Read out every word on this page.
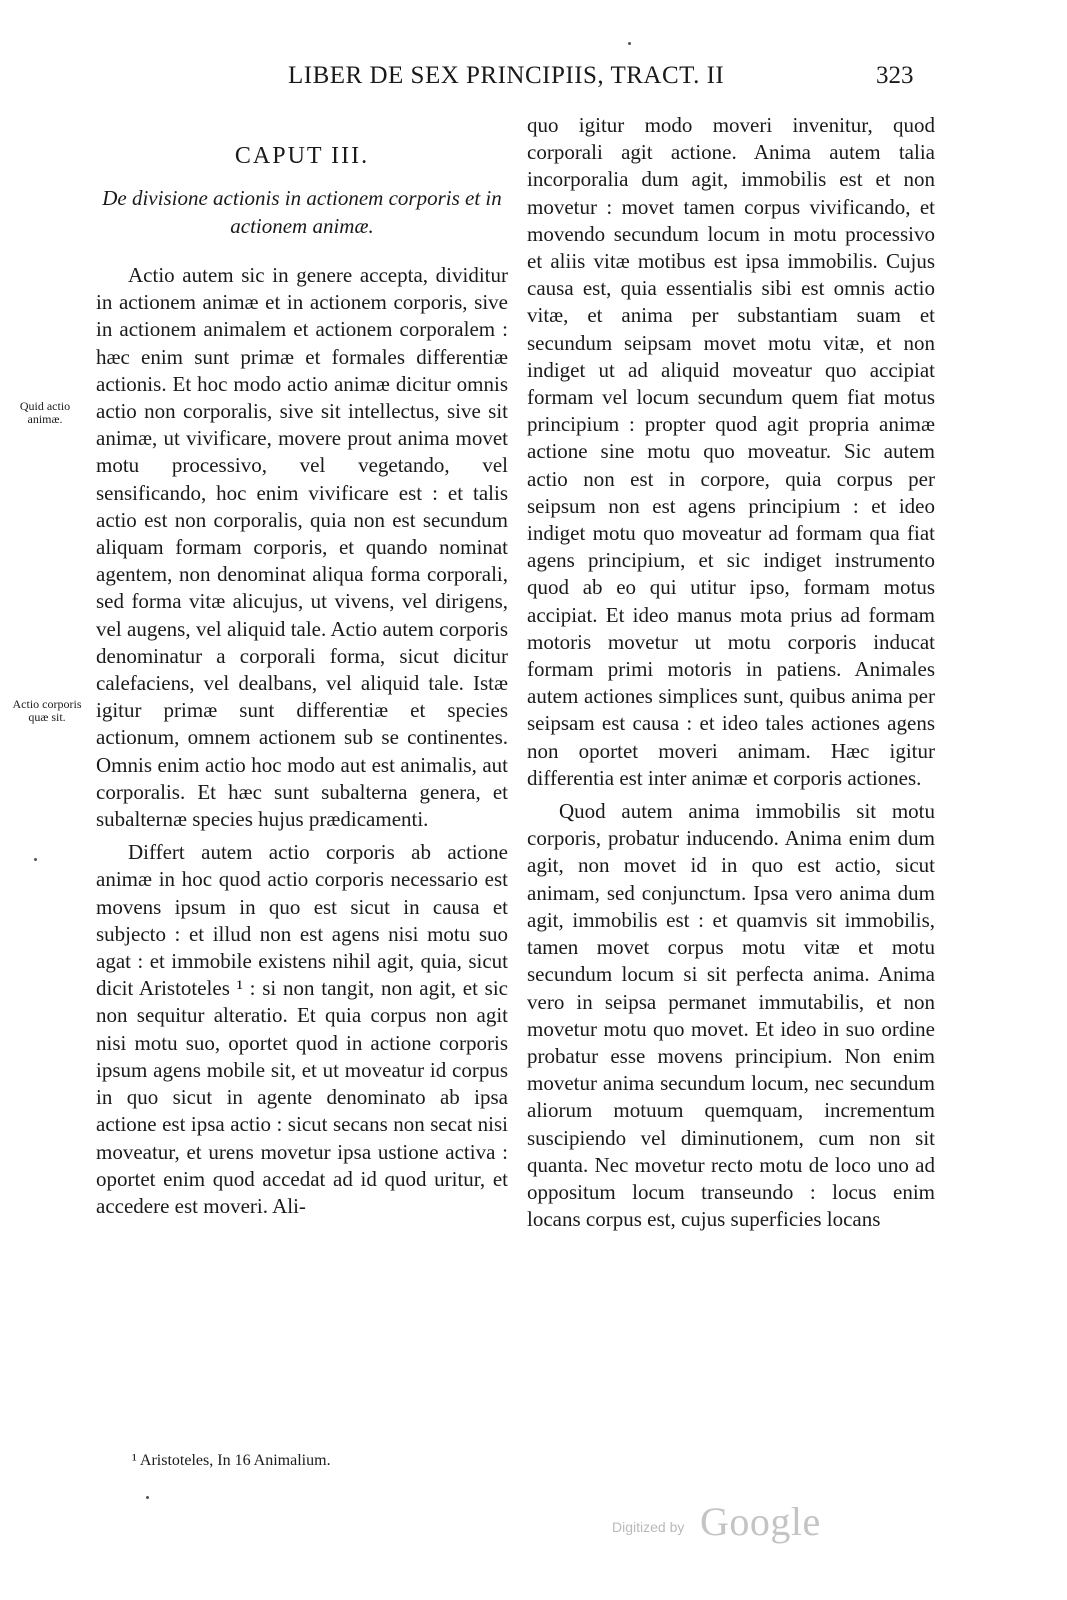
LIBER DE SEX PRINCIPIIS, TRACT. II	323
Quid actio animæ.
Actio corporis quæ sit.
CAPUT III.
De divisione actionis in actionem corporis et in actionem animæ.

Actio autem sic in genere accepta, dividitur in actionem animæ et in actionem corporis, sive in actionem animalem et actionem corporalem : hæc enim sunt primæ et formales differentiæ actionis. Et hoc modo actio animæ dicitur omnis actio non corporalis, sive sit intellectus, sive sit animæ, ut vivificare, movere prout anima movet motu processivo, vel vegetando, vel sensificando, hoc enim vivificare est : et talis actio est non corporalis, quia non est secundum aliquam formam corporis, et quando nominat agentem, non denominat aliqua forma corporali, sed forma vitæ alicujus, ut vivens, vel dirigens, vel augens, vel aliquid tale. Actio autem corporis denominatur a corporali forma, sicut dicitur calefaciens, vel dealbans, vel aliquid tale. Istæ igitur primæ sunt differentiæ et species actionum, omnem actionem sub se continentes. Omnis enim actio hoc modo aut est animalis, aut corporalis. Et hæc sunt subalterna genera, et subalternæ species hujus prædicamenti.

Differt autem actio corporis ab actione animæ in hoc quod actio corporis necessario est movens ipsum in quo est sicut in causa et subjecto : et illud non est agens nisi motu suo agat : et immobile existens nihil agit, quia, sicut dicit Aristoteles ¹ : si non tangit, non agit, et sic non sequitur alteratio. Et quia corpus non agit nisi motu suo, oportet quod in actione corporis ipsum agens mobile sit, et ut moveatur id corpus in quo sicut in agente denominato ab ipsa actione est ipsa actio : sicut secans non secat nisi moveatur, et urens movetur ipsa ustione activa : oportet enim quod accedat ad id quod uritur, et accedere est moveri. Ali-

quo igitur modo moveri invenitur, quod corporali agit actione. Anima autem talia incorporalia dum agit, immobilis est et non movetur : movet tamen corpus vivificando, et movendo secundum locum in motu processivo et aliis vitæ motibus est ipsa immobilis. Cujus causa est, quia essentialis sibi est omnis actio vitæ, et anima per substantiam suam et secundum seipsam movet motu vitæ, et non indiget ut ad aliquid moveatur quo accipiat formam vel locum secundum quem fiat motus principium : propter quod agit propria animæ actione sine motu quo moveatur. Sic autem actio non est in corpore, quia corpus per seipsum non est agens principium : et ideo indiget motu quo moveatur ad formam qua fiat agens principium, et sic indiget instrumento quod ab eo qui utitur ipso, formam motus accipiat. Et ideo manus mota prius ad formam motoris movetur ut motu corporis inducat formam primi motoris in patiens. Animales autem actiones simplices sunt, quibus anima per seipsam est causa : et ideo tales actiones agens non oportet moveri animam. Hæc igitur differentia est inter animæ et corporis actiones.

Quod autem anima immobilis sit motu corporis, probatur inducendo. Anima enim dum agit, non movet id in quo est actio, sicut animam, sed conjunctum. Ipsa vero anima dum agit, immobilis est : et quamvis sit immobilis, tamen movet corpus motu vitæ et motu secundum locum si sit perfecta anima. Anima vero in seipsa permanet immutabilis, et non movetur motu quo movet. Et ideo in suo ordine probatur esse movens principium. Non enim movetur anima secundum locum, nec secundum aliorum motuum quemquam, incrementum suscipiendo vel diminutionem, cum non sit quanta. Nec movetur recto motu de loco uno ad oppositum locum transeundo : locus enim locans corpus est, cujus superficies locans

¹ Aristoteles, In 16 Animalium.
Digitized by Google
